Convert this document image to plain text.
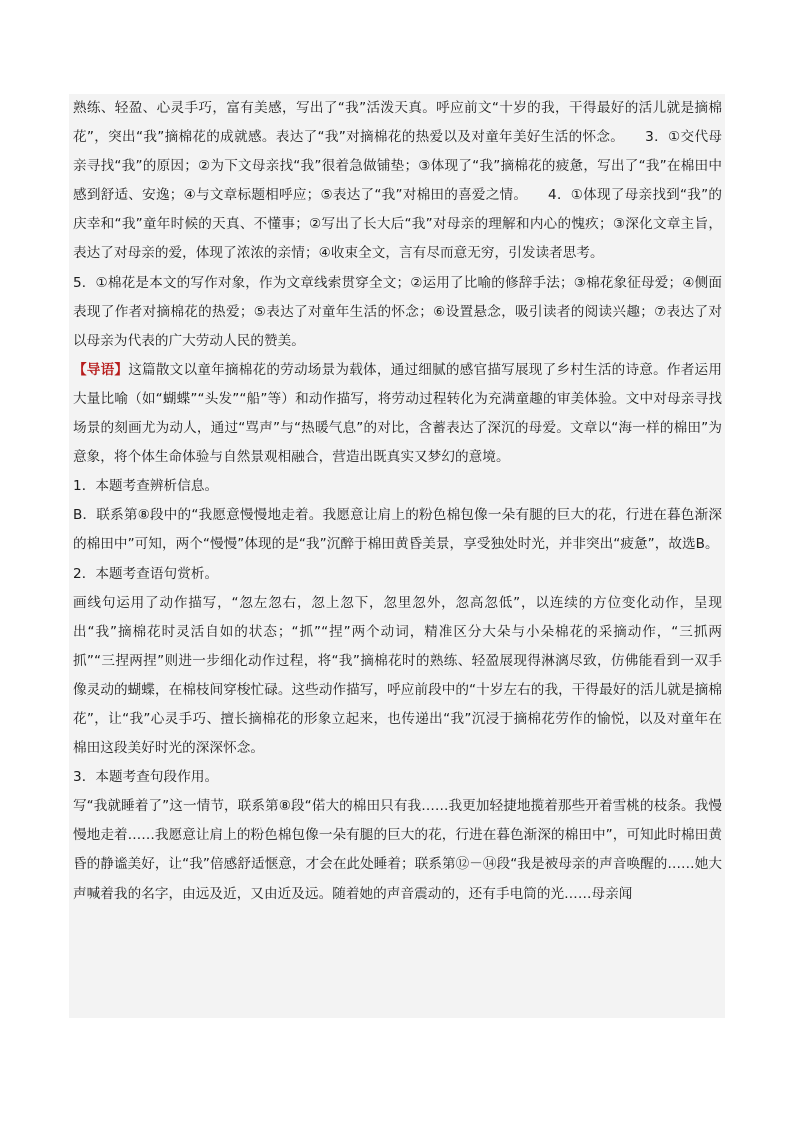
熟练、轻盈、心灵手巧，富有美感，写出了“我”活泼天真。呼应前文“十岁的我，干得最好的活儿就是摘棉花”，突出“我”摘棉花的成就感。表达了“我”对摘棉花的热爱以及对童年美好生活的怀念。　　3．①交代母亲寻找“我”的原因；②为下文母亲找“我”很着急做铺垫；③体现了“我”摘棉花的疲惫，写出了“我”在棉田中感到舒适、安逸；④与文章标题相呼应；⑤表达了“我”对棉田的喜爱之情。　　4．①体现了母亲找到“我”的庆幸和“我”童年时候的天真、不懂事；②写出了长大后“我”对母亲的理解和内心的愧疚；③深化文章主旨，表达了对母亲的爱，体现了浓浓的亲情；④收束全文，言有尽而意无穷，引发读者思考。

5．①棉花是本文的写作对象，作为文章线索贯穿全文；②运用了比喻的修辞手法；③棉花象征母爱；④侧面表现了作者对摘棉花的热爱；⑤表达了对童年生活的怀念；⑥设置悬念，吸引读者的阅读兴趣；⑦表达了对以母亲为代表的广大劳动人民的赞美。

【导语】这篇散文以童年摘棉花的劳动场景为载体，通过细腻的感官描写展现了乡村生活的诗意。作者运用大量比喻（如“蝴蝶”“头发”“船”等）和动作描写，将劳动过程转化为充满童趣的审美体验。文中对母亲寻找场景的刻画尤为动人，通过“骂声”与“热暖气息”的对比，含蓄表达了深沉的母爱。文章以“海一样的棉田”为意象，将个体生命体验与自然景观相融合，营造出既真实又梦幻的意境。

1．本题考查辨析信息。

B．联系第⑧段中的“我愿意慢慢地走着。我愿意让肩上的粉色棉包像一朵有腿的巨大的花，行进在暮色渐深的棉田中”可知，两个“慢慢”体现的是“我”沉醉于棉田黄昏美景，享受独处时光，并非突出“疲惫”，故选B。

2．本题考查语句赏析。

画线句运用了动作描写，“忽左忽右，忽上忽下，忽里忽外，忽高忽低”，以连续的方位变化动作，呈现出“我”摘棉花时灵活自如的状态；“抓”“捏”两个动词，精准区分大朵与小朵棉花的采摘动作，“三抓两抓”“三捏两捏”则进一步细化动作过程，将“我”摘棉花时的熟练、轻盈展现得淋漓尽致，仿佛能看到一双手像灵动的蝴蝶，在棉枝间穿梭忙碌。这些动作描写，呼应前段中的“十岁左右的我，干得最好的活儿就是摘棉花”，让“我”心灵手巧、擅长摘棉花的形象立起来，也传递出“我”沉浸于摘棉花劳作的愉悦，以及对童年在棉田这段美好时光的深深怀念。

3．本题考查句段作用。

写“我就睡着了”这一情节，联系第⑧段“偌大的棉田只有我……我更加轻捷地揽着那些开着雪桃的枝条。我慢慢地走着……我愿意让肩上的粉色棉包像一朵有腿的巨大的花，行进在暮色渐深的棉田中”，可知此时棉田黄昏的静谧美好，让“我”倍感舒适惬意，才会在此处睡着；联系第⑫－⑭段“我是被母亲的声音唤醒的……她大声喊着我的名字，由远及近，又由近及远。随着她的声音震动的，还有手电筒的光……母亲闻
